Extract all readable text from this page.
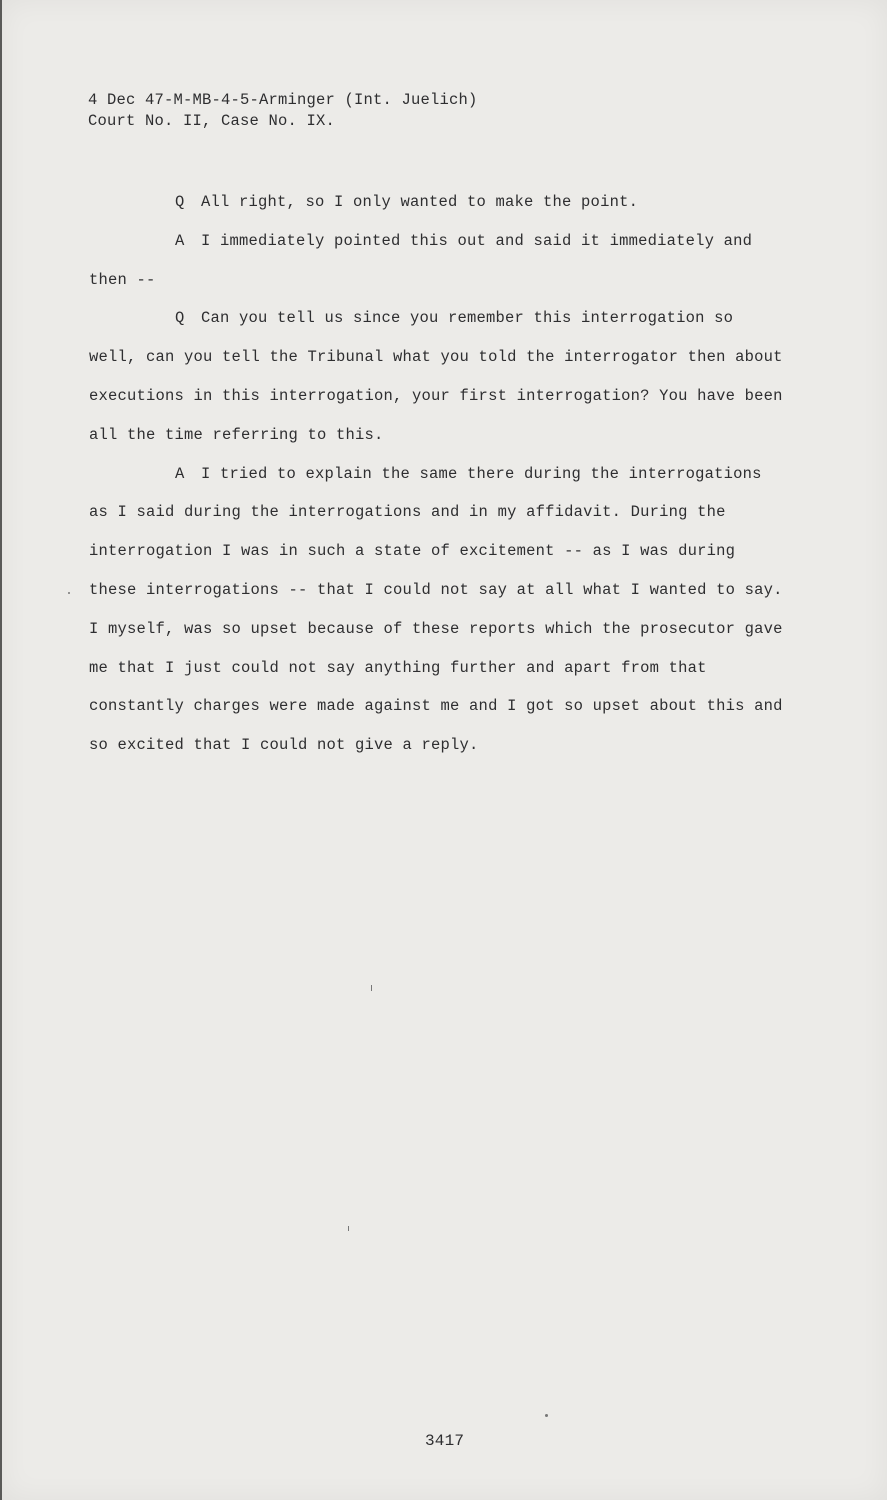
4 Dec 47-M-MB-4-5-Arminger (Int. Juelich)
Court No. II, Case No. IX.

Q All right, so I only wanted to make the point.

A I immediately pointed this out and said it immediately and then --

Q Can you tell us since you remember this interrogation so well, can you tell the Tribunal what you told the interrogator then about executions in this interrogation, your first interrogation? You have been all the time referring to this.

A I tried to explain the same there during the interrogations as I said during the interrogations and in my affidavit. During the interrogation I was in such a state of excitement -- as I was during these interrogations -- that I could not say at all what I wanted to say. I myself, was so upset because of these reports which the prosecutor gave me that I just could not say anything further and apart from that constantly charges were made against me and I got so upset about this and so excited that I could not give a reply.

3417
